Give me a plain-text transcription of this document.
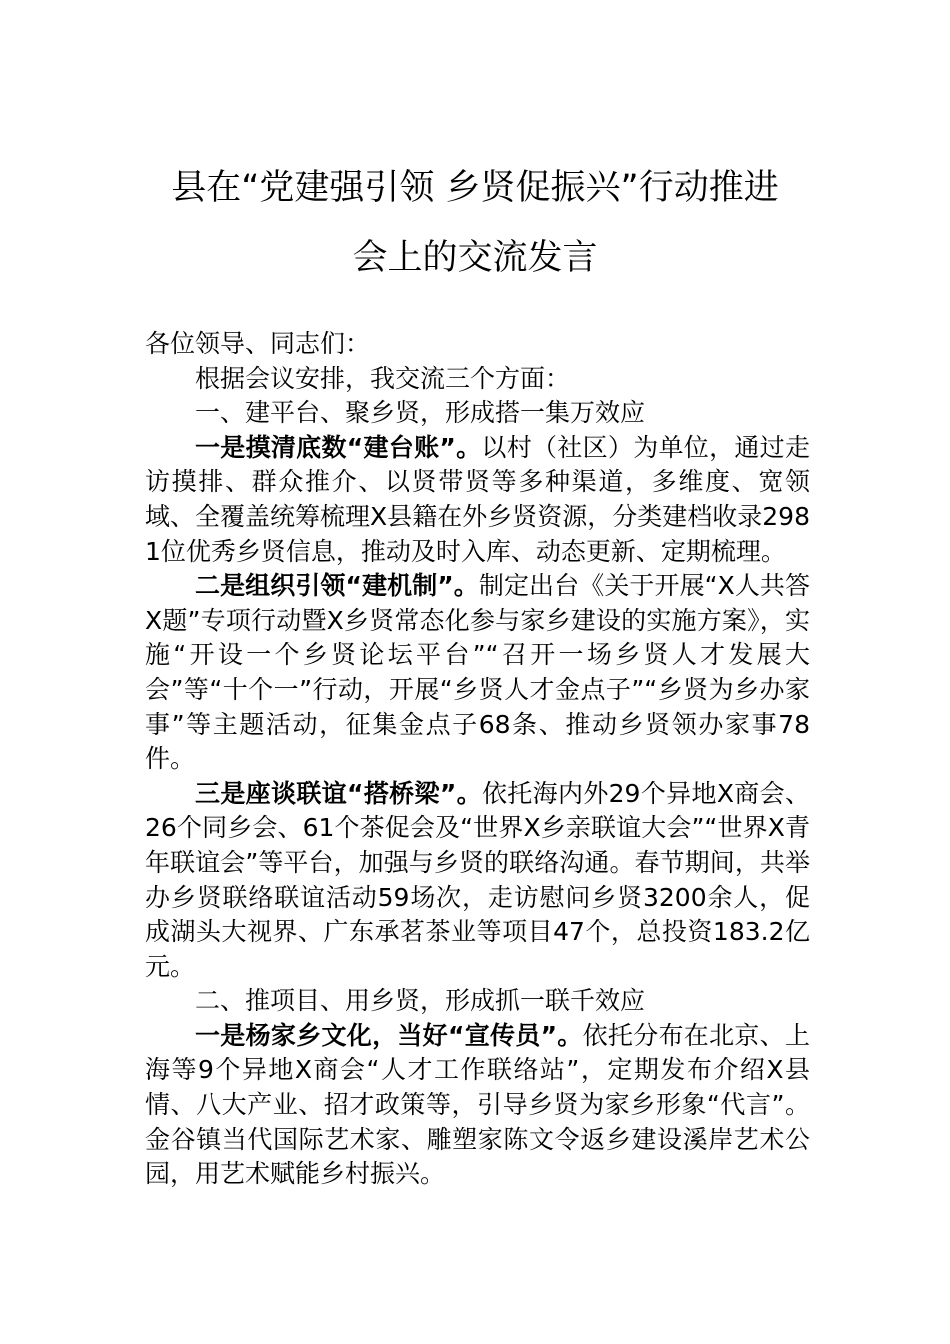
县在“党建强引领 乡贤促振兴”行动推进
会上的交流发言

各位领导、同志们：

根据会议安排，我交流三个方面：

一、建平台、聚乡贤，形成搭一集万效应

一是摸清底数“建台账”。以村（社区）为单位，通过走访摸排、群众推介、以贤带贤等多种渠道，多维度、宽领域、全覆盖统筹梳理X县籍在外乡贤资源，分类建档收录2981位优秀乡贤信息，推动及时入库、动态更新、定期梳理。

二是组织引领“建机制”。制定出台《关于开展“X人共答X题”专项行动暨X乡贤常态化参与家乡建设的实施方案》，实施“开设一个乡贤论坛平台”“召开一场乡贤人才发展大会”等“十个一”行动，开展“乡贤人才金点子”“乡贤为乡办家事”等主题活动，征集金点子68条、推动乡贤领办家事78件。

三是座谈联谊“搭桥梁”。依托海内外29个异地X商会、26个同乡会、61个茶促会及“世界X乡亲联谊大会”“世界X青年联谊会”等平台，加强与乡贤的联络沟通。春节期间，共举办乡贤联络联谊活动59场次，走访慰问乡贤3200余人，促成湖头大视界、广东承茗茶业等项目47个，总投资183.2亿元。

二、推项目、用乡贤，形成抓一联千效应

一是杨家乡文化，当好“宣传员”。依托分布在北京、上海等9个异地X商会“人才工作联络站”，定期发布介绍X县情、八大产业、招才政策等，引导乡贤为家乡形象“代言”。金谷镇当代国际艺术家、雕塑家陈文令返乡建设溪岸艺术公园，用艺术赋能乡村振兴。
